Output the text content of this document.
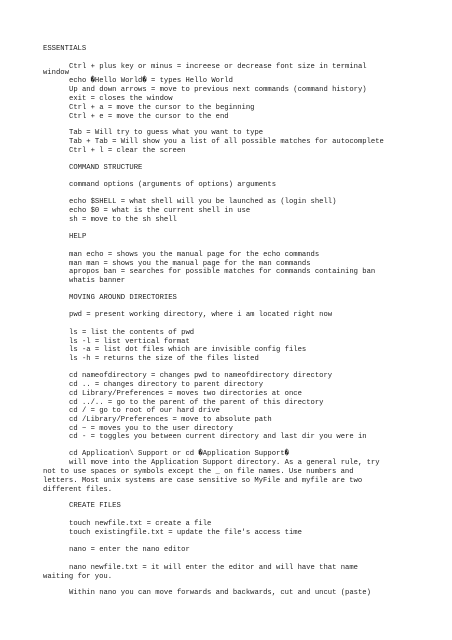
ESSENTIALS
Ctrl + plus key or minus = increese or decrease font size in terminal
window
echo �Hello World� = types Hello World
Up and down arrows = move to previous next commands (command history)
exit = closes the window
Ctrl + a = move the cursor to the beginning
Ctrl + e = move the cursor to the end
Tab = Will try to guess what you want to type
Tab + Tab = Will show you a list of all possible matches for autocomplete
Ctrl + l = clear the screen
COMMAND STRUCTURE
command options (arguments of options) arguments
echo $SHELL = what shell will you be launched as (login shell)
echo $0 = what is the current shell in use
sh = move to the sh shell
HELP
man echo = shows you the manual page for the echo commands
man man = shows you the manual page for the man commands
apropos ban = searches for possible matches for commands containing ban
whatis banner
MOVING AROUND DIRECTORIES
pwd = present working directory, where i am located right now
ls = list the contents of pwd
ls -l = list vertical format
ls -a = list dot files which are invisible config files
ls -h = returns the size of the files listed
cd nameofdirectory = changes pwd to nameofdirectory directory
cd .. = changes directory to parent directory
cd Library/Preferences = moves two directories at once
cd ../.. = go to the parent of the parent of this directory
cd / = go to root of our hard drive
cd /Library/Preferences = move to absolute path
cd ~ = moves you to the user directory
cd - = toggles you between current directory and last dir you were in
cd Application\ Support or cd �Application Support�
will move into the Application Support directory. As a general rule, try
not to use spaces or symbols except the _ on file names. Use numbers and
letters. Most unix systems are case sensitive so MyFile and myfile are two
different files.
CREATE FILES
touch newfile.txt = create a file
touch existingfile.txt = update the file's access time
nano = enter the nano editor
nano newfile.txt = it will enter the editor and will have that name
waiting for you.
Within nano you can move forwards and backwards, cut and uncut (paste)
